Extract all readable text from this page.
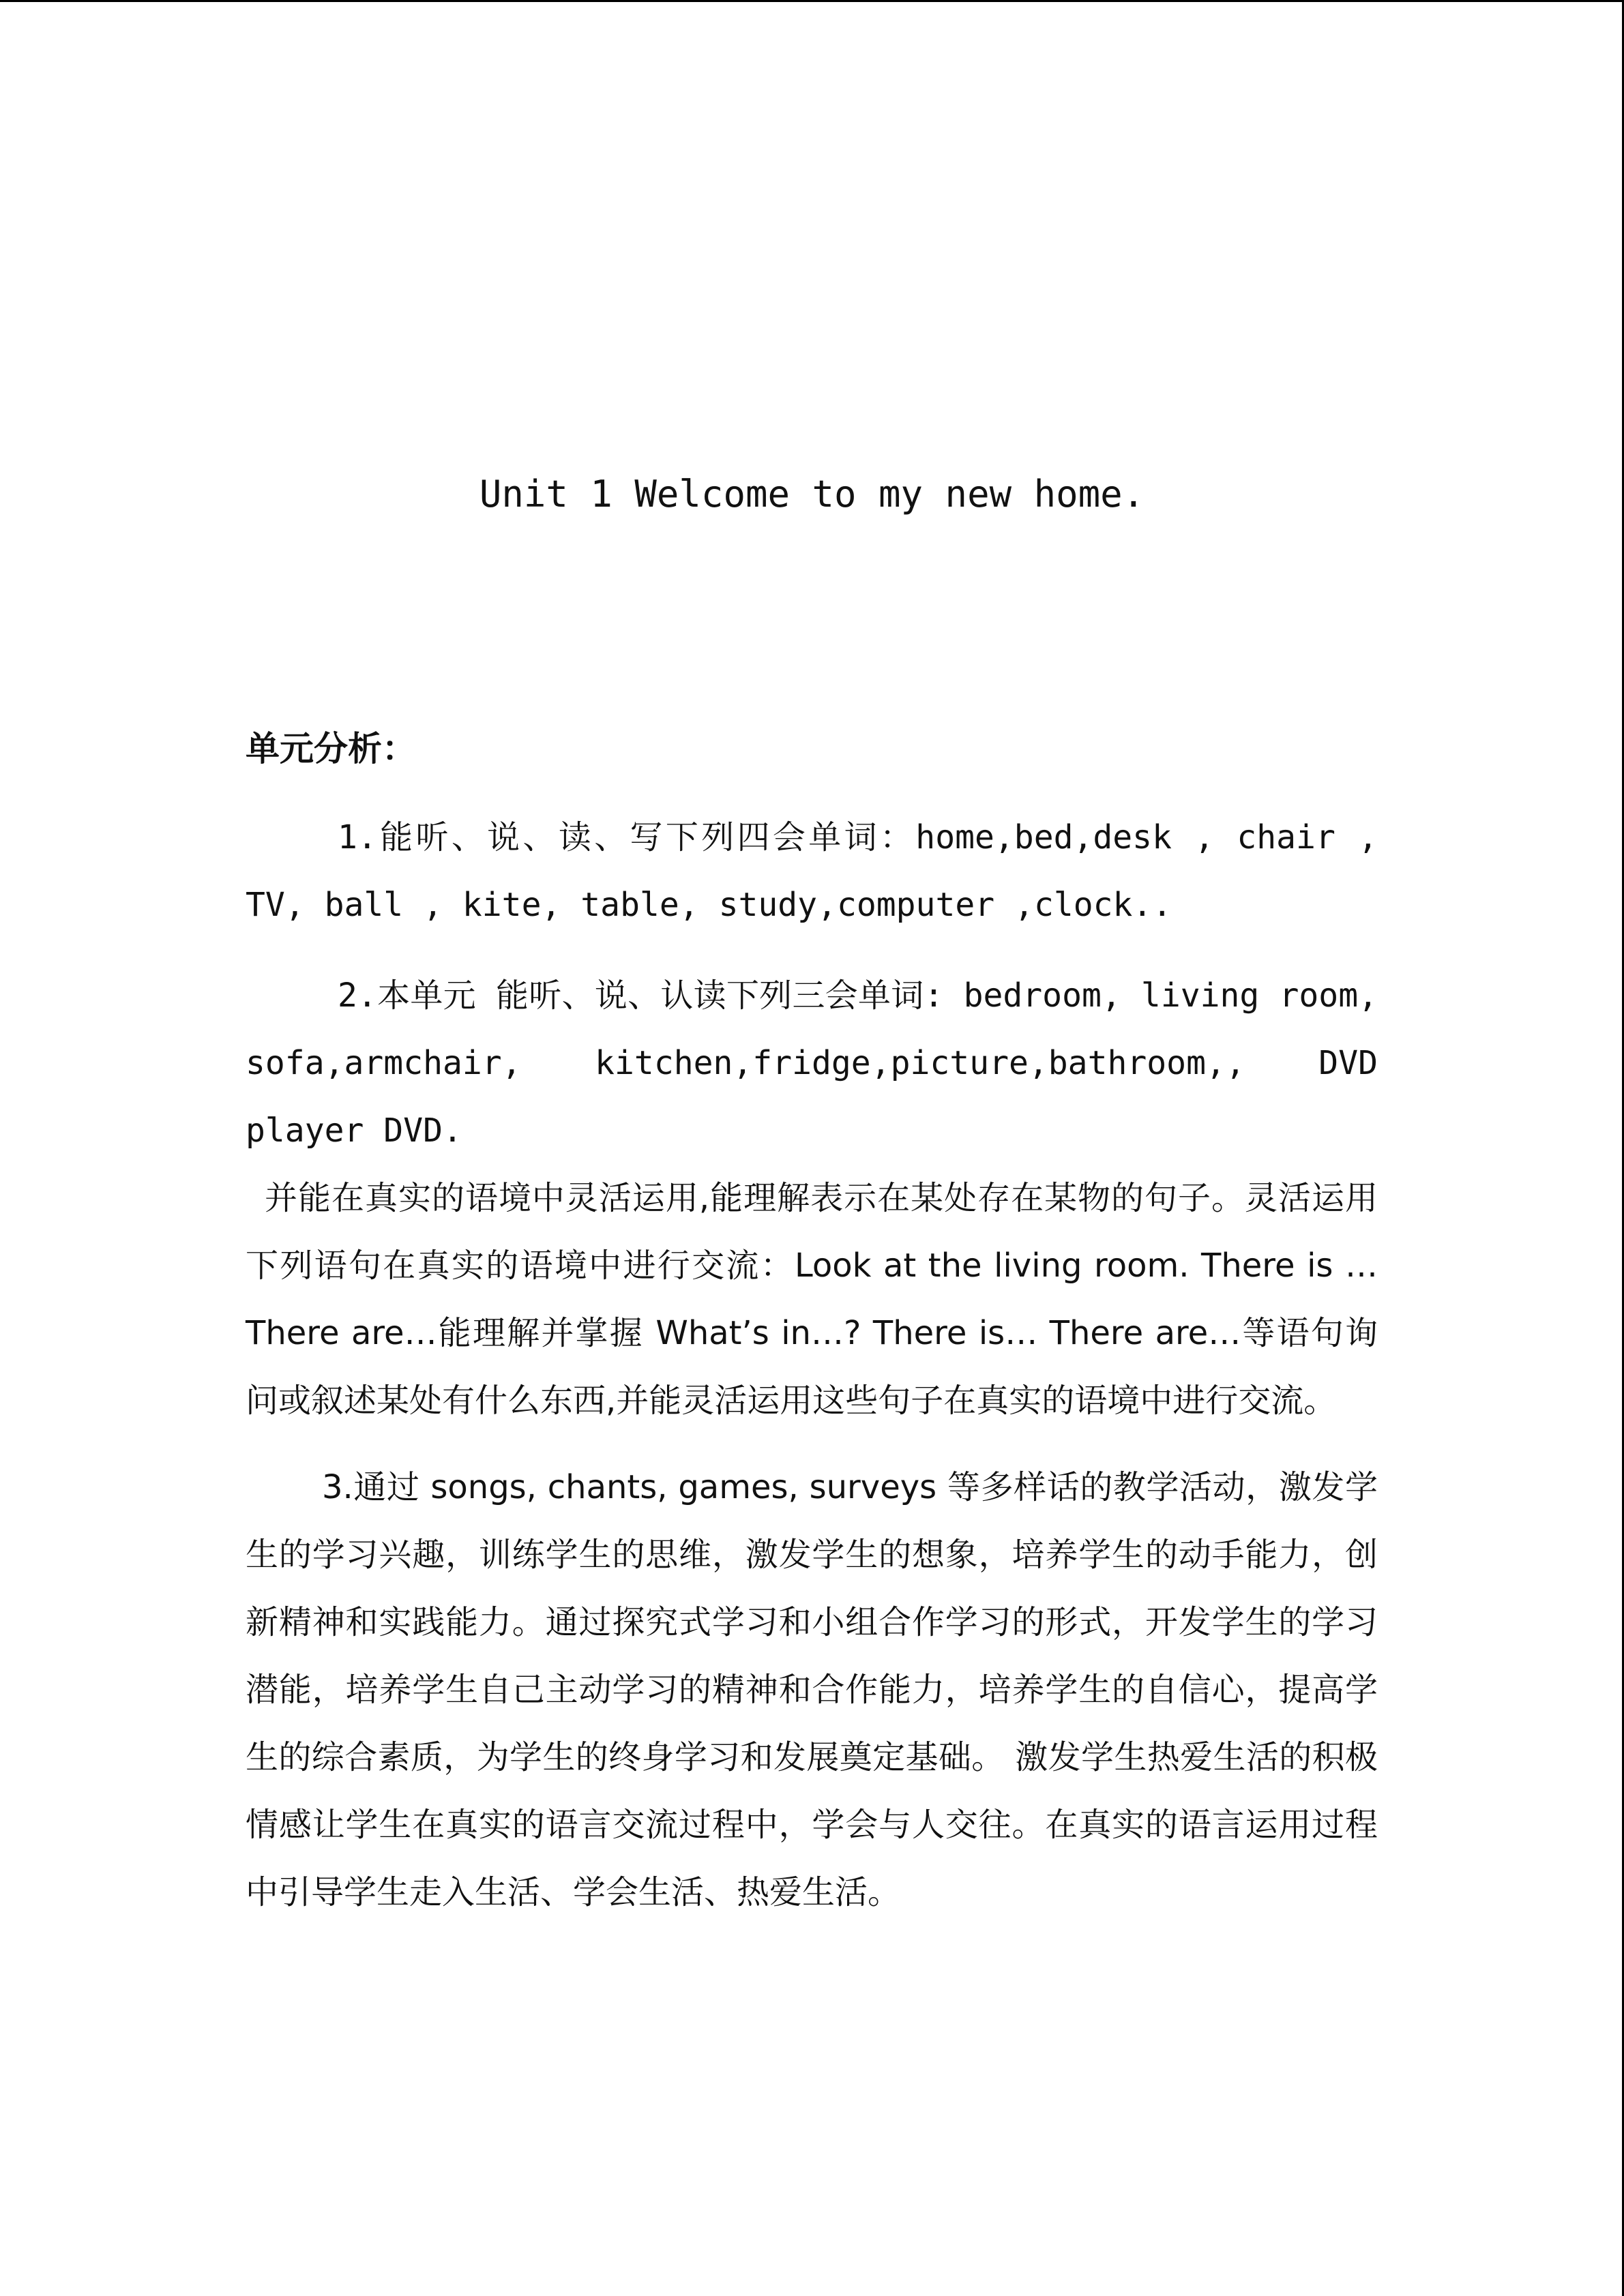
Unit 1 Welcome to my new home.
单元分析：

1.能听、说、读、写下列四会单词：home,bed,desk , chair , TV, ball , kite, table, study,computer ,clock..

2.本单元 能听、说、认读下列三会单词: bedroom, living room, sofa,armchair, kitchen,fridge,picture,bathroom,, DVD player DVD.

并能在真实的语境中灵活运用,能理解表示在某处存在某物的句子。灵活运用下列语句在真实的语境中进行交流：Look at the living room. There is …There are…能理解并掌握 What’s in…? There is… There are…等语句询问或叙述某处有什么东西,并能灵活运用这些句子在真实的语境中进行交流。

3.通过 songs, chants, games, surveys 等多样话的教学活动，激发学生的学习兴趣，训练学生的思维，激发学生的想象，培养学生的动手能力，创新精神和实践能力。通过探究式学习和小组合作学习的形式，开发学生的学习潜能，培养学生自己主动学习的精神和合作能力，培养学生的自信心，提高学生的综合素质，为学生的终身学习和发展奠定基础。 激发学生热爱生活的积极情感让学生在真实的语言交流过程中，学会与人交往。在真实的语言运用过程中引导学生走入生活、学会生活、热爱生活。
